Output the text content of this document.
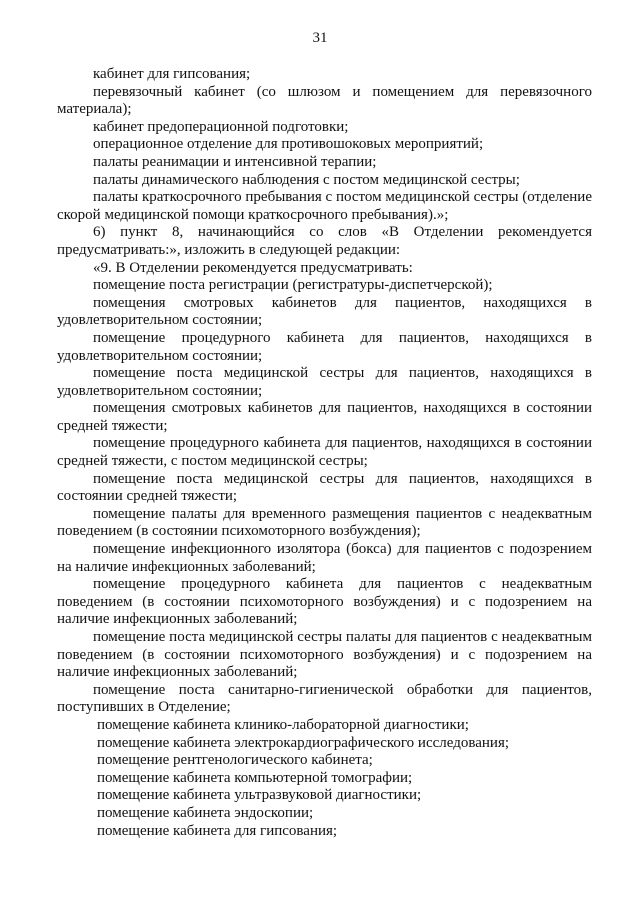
31

кабинет для гипсования;

перевязочный кабинет (со шлюзом и помещением для перевязочного материала);

кабинет предоперационной подготовки;

операционное отделение для противошоковых мероприятий;

палаты реанимации и интенсивной терапии;

палаты динамического наблюдения с постом медицинской сестры;

палаты краткосрочного пребывания с постом медицинской сестры (отделение скорой медицинской помощи краткосрочного пребывания).»;

6) пункт 8, начинающийся со слов «В Отделении рекомендуется предусматривать:», изложить в следующей редакции:

«9. В Отделении рекомендуется предусматривать:

помещение поста регистрации (регистратуры-диспетчерской);

помещения смотровых кабинетов для пациентов, находящихся в удовлетворительном состоянии;

помещение процедурного кабинета для пациентов, находящихся в удовлетворительном состоянии;

помещение поста медицинской сестры для пациентов, находящихся в удовлетворительном состоянии;

помещения смотровых кабинетов для пациентов, находящихся в состоянии средней тяжести;

помещение процедурного кабинета для пациентов, находящихся в состоянии средней тяжести, с постом медицинской сестры;

помещение поста медицинской сестры для пациентов, находящихся в состоянии средней тяжести;

помещение палаты для временного размещения пациентов с неадекватным поведением (в состоянии психомоторного возбуждения);

помещение инфекционного изолятора (бокса) для пациентов с подозрением на наличие инфекционных заболеваний;

помещение процедурного кабинета для пациентов с неадекватным поведением (в состоянии психомоторного возбуждения) и с подозрением на наличие инфекционных заболеваний;

помещение поста медицинской сестры палаты для пациентов с неадекватным поведением (в состоянии психомоторного возбуждения) и с подозрением на наличие инфекционных заболеваний;

помещение поста санитарно-гигиенической обработки для пациентов, поступивших в Отделение;

помещение кабинета клинико-лабораторной диагностики;

помещение кабинета электрокардиографического исследования;

помещение рентгенологического кабинета;

помещение кабинета компьютерной томографии;

помещение кабинета ультразвуковой диагностики;

помещение кабинета эндоскопии;

помещение кабинета для гипсования;
